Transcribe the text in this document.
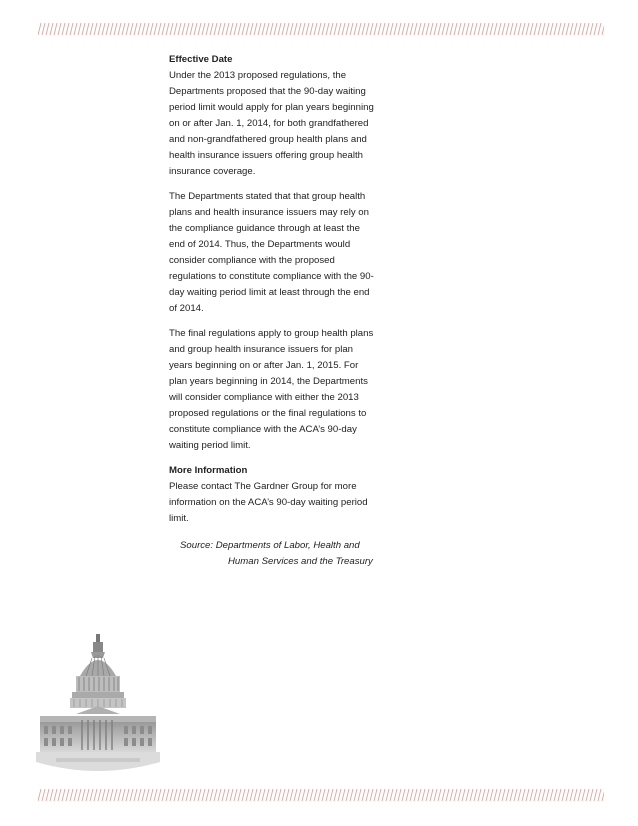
Effective Date

Under the 2013 proposed regulations, the Departments proposed that the 90-day waiting period limit would apply for plan years beginning on or after Jan. 1, 2014, for both grandfathered and non-grandfathered group health plans and health insurance issuers offering group health insurance coverage.

The Departments stated that that group health plans and health insurance issuers may rely on the compliance guidance through at least the end of 2014. Thus, the Departments would consider compliance with the proposed regulations to constitute compliance with the 90-day waiting period limit at least through the end of 2014.

The final regulations apply to group health plans and group health insurance issuers for plan years beginning on or after Jan. 1, 2015. For plan years beginning in 2014, the Departments will consider compliance with either the 2013 proposed regulations or the final regulations to constitute compliance with the ACA’s 90-day waiting period limit.

More Information

Please contact The Gardner Group for more information on the ACA’s 90-day waiting period limit.

Source: Departments of Labor, Health and
Human Services and the Treasury
